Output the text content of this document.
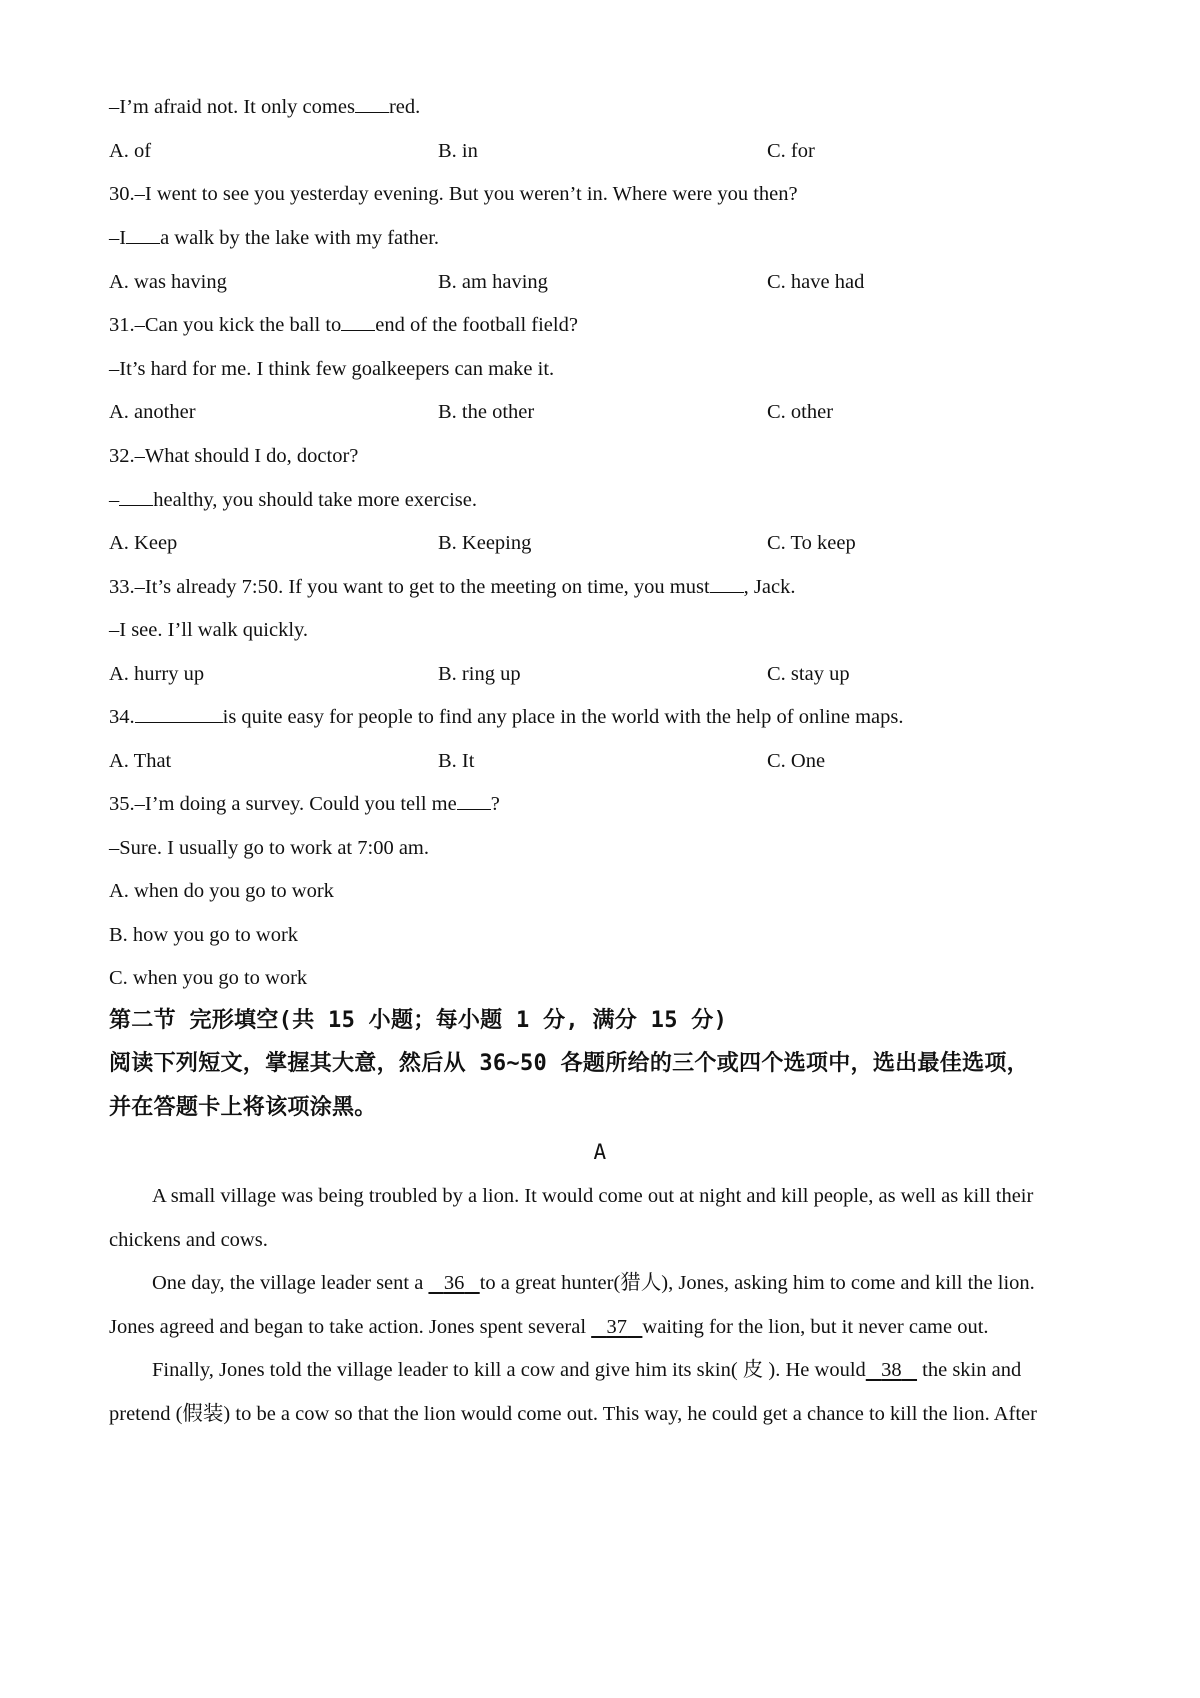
–I’m afraid not. It only comes red.
A. of	B. in	C. for
30.–I went to see you yesterday evening. But you weren’t in. Where were you then?
–I a walk by the lake with my father.
A. was having	B. am having	C. have had
31.–Can you kick the ball to end of the football field?
–It’s hard for me. I think few goalkeepers can make it.
A. another	B. the other	C. other
32.–What should I do, doctor?
– healthy, you should take more exercise.
A. Keep	B. Keeping	C. To keep
33.–It’s already 7:50. If you want to get to the meeting on time, you must , Jack.
–I see. I’ll walk quickly.
A. hurry up	B. ring up	C. stay up
34.	is quite easy for people to find any place in the world with the help of online maps.
A. That	B. It	C. One
35.–I’m doing a survey. Could you tell me ?
–Sure. I usually go to work at 7:00 am.
A. when do you go to work
B. how you go to work
C. when you go to work
第二节 完形填空(共 15 小题；每小题 1 分, 满分 15 分)
阅读下列短文，掌握其大意，然后从 36~50 各题所给的三个或四个选项中，选出最佳选项，
并在答题卡上将该项涂黑。
A
A small village was being troubled by a lion. It would come out at night and kill people, as well as kill their
chickens and cows.
One day, the village leader sent a    36 to a great hunter(猎人), Jones, asking him to come and kill the lion.
Jones agreed and began to take action. Jones spent several    37 waiting for the lion, but it never came out.
Finally, Jones told the village leader to kill a cow and give him its skin( 皮 ). He would 38    the skin and
pretend (假装) to be a cow so that the lion would come out. This way, he could get a chance to kill the lion. After
